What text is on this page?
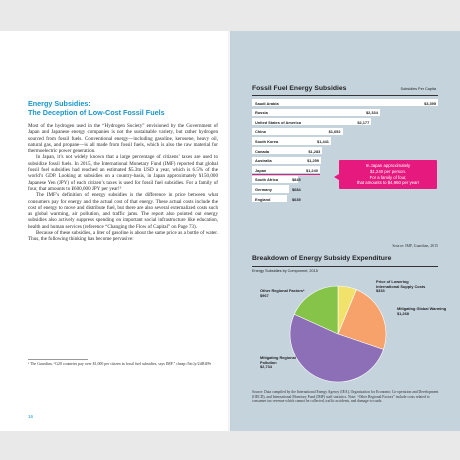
Energy Subsidies:
The Deception of Low-Cost Fossil Fuels

Most of the hydrogen used in the “Hydrogen Society” envisioned by the Government of Japan and Japanese energy companies is not the sustainable variety, but rather hydrogen sourced from fossil fuels. Conventional energy—including gasoline, kerosene, heavy oil, natural gas, and propane—is all made from fossil fuels, which is also the raw material for thermoelectric power generation.

In Japan, it’s not widely known that a large percentage of citizens’ taxes are used to subsidize fossil fuels. In 2015, the International Monetary Fund (IMF) reported that global fossil fuel subsidies had reached an estimated $5.3tn USD a year, which is 6.5% of the world’s GDP. Looking at subsidies on a country-basis, in Japan approximately ¥150,000 Japanese Yen (JPY) of each citizen’s taxes is used for fossil fuel subsidies. For a family of four, that amounts to ¥600,000 JPY per year!³

The IMF’s definition of energy subsidies is the difference in price between what consumers pay for energy and the actual cost of that energy. These actual costs include the cost of energy to move and distribute fuel, but there are also several externalized costs such as global warming, air pollution, and traffic jams. The report also pointed out energy subsidies also actively suppress spending on important social infrastructure like education, health and human services (reference “Changing the Flow of Capital” on Page 73).

Because of these subsidies, a liter of gasoline is about the same price as a bottle of water. Thus, the following thinking has become pervasive:

³ The Guardian, “G20 countries pay over $1,000 per citizen in fossil fuel subsidies, says IMF.” cheap://bit.ly/2ifRfJPe
16
Fossil Fuel Energy Subsidies	Subsidies Per Capita
Saudi Arabia	$3,395
Russia	$2,334
United States of America	$2,177
China	$1,652
South Korea	$1,441
Canada	$1,283
Australia	$1,259
Japan	$1,240
South Africa	$845
Germany	$684
England	$635
In Japan approximately
$1,240 per person.
For a family of four,
that amounts to $4,960 per year!
Source: IMF, Guardian, 2015
Breakdown of Energy Subsidy Expenditure
Energy Subsidies by Component, 2015
Price of Lowering International Supply Costs
$333
Mitigating Global Warming
$1,268
Mitigating Regional Pollution
$2,734
Other Regional Factors*
$967
Source: Data compiled by the International Energy Agency (IEA), Organization for Economic Co-operation and Development (OECD), and International Monetary Fund (IMF) staff statistics. Note: “Other Regional Factors” include costs related to consumer tax revenue which cannot be collected, traffic accidents, and damage to roads.
